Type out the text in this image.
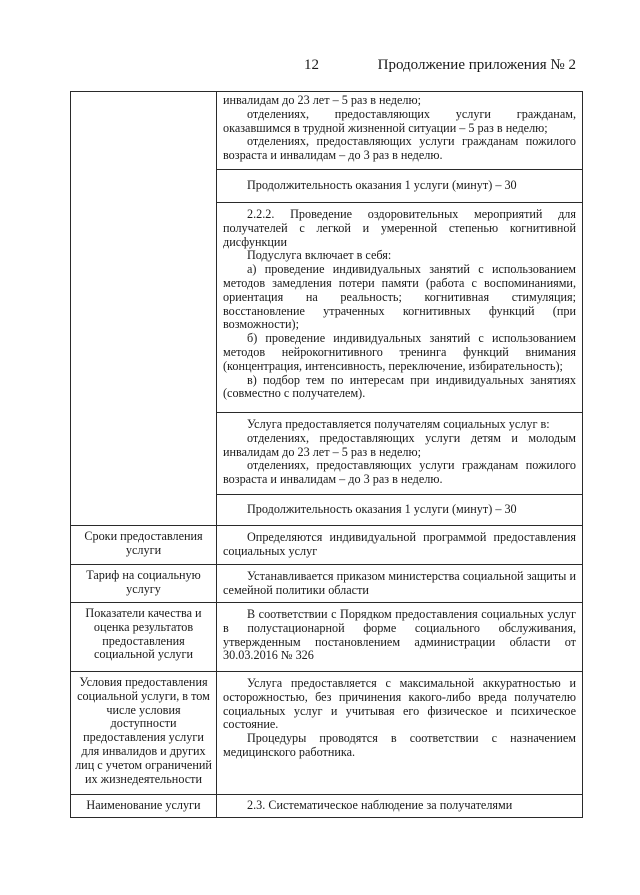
12	Продолжение приложения № 2

	инвалидам до 23 лет – 5 раз в неделю;

отделениях, предоставляющих услуги гражданам, оказавшимся в трудной жизненной ситуации – 5 раз в неделю;

отделениях, предоставляющих услуги гражданам пожилого возраста и инвалидам – до 3 раз в неделю.

	Продолжительность оказания 1 услуги (минут) – 30

	2.2.2. Проведение оздоровительных мероприятий для получателей с легкой и умеренной степенью когнитивной дисфункции

Подуслуга включает в себя:

а) проведение индивидуальных занятий с использованием методов замедления потери памяти (работа с воспоминаниями, ориентация на реальность; когнитивная стимуляция; восстановление утраченных когнитивных функций (при возможности);

б) проведение индивидуальных занятий с использованием методов нейрокогнитивного тренинга функций внимания (концентрация, интенсивность, переключение, избирательность);

в) подбор тем по интересам при индивидуальных занятиях (совместно с получателем).

	Услуга предоставляется получателям социальных услуг в:

отделениях, предоставляющих услуги детям и молодым инвалидам до 23 лет – 5 раз в неделю;

отделениях, предоставляющих услуги гражданам пожилого возраста и инвалидам – до 3 раз в неделю.

	Продолжительность оказания 1 услуги (минут) – 30

Сроки предоставления услуги	Определяются индивидуальной программой предоставления социальных услуг

Тариф на социальную услугу	Устанавливается приказом министерства социальной защиты и семейной политики области

Показатели качества и оценка результатов предоставления социальной услуги	В соответствии с Порядком предоставления социальных услуг в полустационарной форме социального обслуживания, утвержденным постановлением администрации области от 30.03.2016 № 326

Условия предоставления социальной услуги, в том числе условия доступности предоставления услуги для инвалидов и других лиц с учетом ограничений их жизнедеятельности	Услуга предоставляется с максимальной аккуратностью и осторожностью, без причинения какого-либо вреда получателю социальных услуг и учитывая его физическое и психическое состояние.

Процедуры проводятся в соответствии с назначением медицинского работника.

Наименование услуги	2.3. Систематическое наблюдение за получателями
